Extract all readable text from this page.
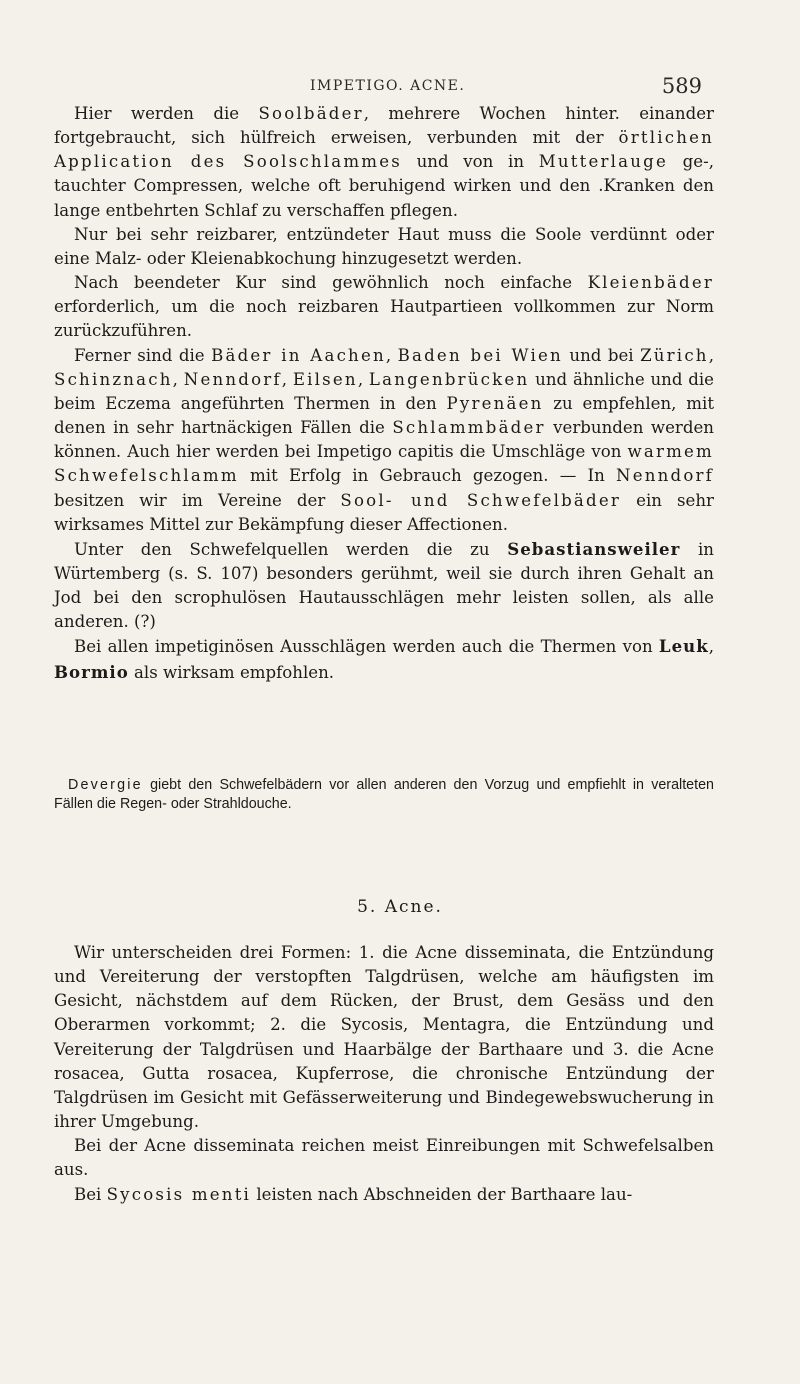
IMPETIGO. ACNE.	589

Hier werden die Soolbäder, mehrere Wochen hinter. einander fortgebraucht, sich hülfreich erweisen, verbunden mit der örtlichen Application des Soolschlammes und von in Mutterlauge ge-, tauchter Compressen, welche oft beruhigend wirken und den .Kranken den lange entbehrten Schlaf zu verschaffen pflegen.

Nur bei sehr reizbarer, entzündeter Haut muss die Soole verdünnt oder eine Malz- oder Kleienabkochung hinzugesetzt werden.

Nach beendeter Kur sind gewöhnlich noch einfache Kleienbäder erforderlich, um die noch reizbaren Hautpartieen vollkommen zur Norm zurückzuführen.

Ferner sind die Bäder in Aachen, Baden bei Wien und bei Zürich, Schinznach, Nenndorf, Eilsen, Langenbrücken und ähnliche und die beim Eczema angeführten Thermen in den Pyrenäen zu empfehlen, mit denen in sehr hartnäckigen Fällen die Schlammbäder verbunden werden können. Auch hier werden bei Impetigo capitis die Umschläge von warmem Schwefelschlamm mit Erfolg in Gebrauch gezogen. — In Nenndorf besitzen wir im Vereine der Sool- und Schwefelbäder ein sehr wirksames Mittel zur Bekämpfung dieser Affectionen.

Unter den Schwefelquellen werden die zu Sebastiansweiler in Würtemberg (s. S. 107) besonders gerühmt, weil sie durch ihren Gehalt an Jod bei den scrophulösen Hautausschlägen mehr leisten sollen, als alle anderen. (?)

Bei allen impetiginösen Ausschlägen werden auch die Thermen von Leuk, Bormio als wirksam empfohlen.

Devergie giebt den Schwefelbädern vor allen anderen den Vorzug und empfiehlt in veralteten Fällen die Regen- oder Strahldouche.

5. Acne.

Wir unterscheiden drei Formen: 1. die Acne disseminata, die Entzündung und Vereiterung der verstopften Talgdrüsen, welche am häufigsten im Gesicht, nächstdem auf dem Rücken, der Brust, dem Gesäss und den Oberarmen vorkommt; 2. die Sycosis, Mentagra, die Entzündung und Vereiterung der Talgdrüsen und Haarbälge der Barthaare und 3. die Acne rosacea, Gutta rosacea, Kupferrose, die chronische Entzündung der Talgdrüsen im Gesicht mit Gefässerweiterung und Bindegewebswucherung in ihrer Umgebung.

Bei der Acne disseminata reichen meist Einreibungen mit Schwefelsalben aus.

Bei Sycosis menti leisten nach Abschneiden der Barthaare lau-
